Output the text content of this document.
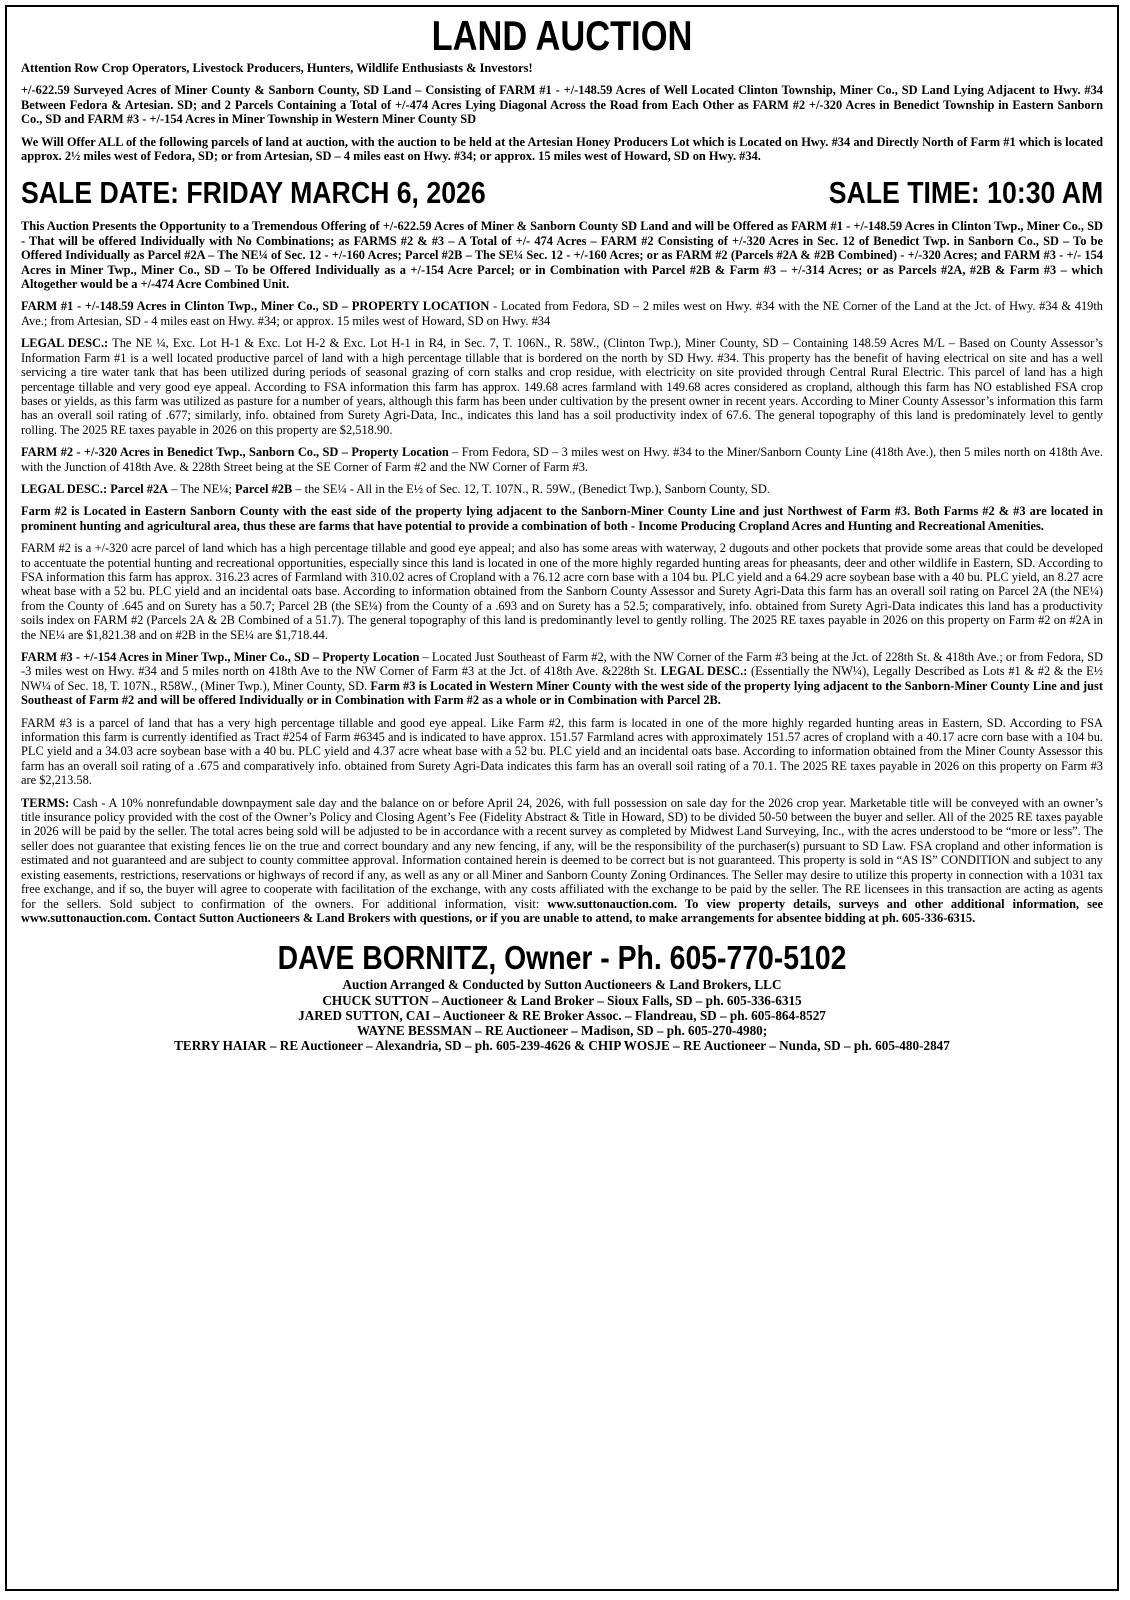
LAND AUCTION

Attention Row Crop Operators, Livestock Producers, Hunters, Wildlife Enthusiasts & Investors!

+/-622.59 Surveyed Acres of Miner County & Sanborn County, SD Land – Consisting of FARM #1 - +/-148.59 Acres of Well Located Clinton Township, Miner Co., SD Land Lying Adjacent to Hwy. #34 Between Fedora & Artesian. SD; and 2 Parcels Containing a Total of +/-474 Acres Lying Diagonal Across the Road from Each Other as FARM #2 +/-320 Acres in Benedict Township in Eastern Sanborn Co., SD and FARM #3 - +/-154 Acres in Miner Township in Western Miner County SD

We Will Offer ALL of the following parcels of land at auction, with the auction to be held at the Artesian Honey Producers Lot which is Located on Hwy. #34 and Directly North of Farm #1 which is located approx. 2½ miles west of Fedora, SD; or from Artesian, SD – 4 miles east on Hwy. #34; or approx. 15 miles west of Howard, SD on Hwy. #34.

SALE DATE: FRIDAY MARCH 6, 2026	SALE TIME: 10:30 AM

This Auction Presents the Opportunity to a Tremendous Offering of +/-622.59 Acres of Miner & Sanborn County SD Land and will be Offered as FARM #1 - +/-148.59 Acres in Clinton Twp., Miner Co., SD - That will be offered Individually with No Combinations; as FARMS #2 & #3 – A Total of +/- 474 Acres – FARM #2 Consisting of +/-320 Acres in Sec. 12 of Benedict Twp. in Sanborn Co., SD – To be Offered Individually as Parcel #2A – The NE¼ of Sec. 12 - +/-160 Acres; Parcel #2B – The SE¼ Sec. 12 - +/-160 Acres; or as FARM #2 (Parcels #2A & #2B Combined) - +/-320 Acres; and FARM #3 - +/- 154 Acres in Miner Twp., Miner Co., SD – To be Offered Individually as a +/-154 Acre Parcel; or in Combination with Parcel #2B & Farm #3 – +/-314 Acres; or as Parcels #2A, #2B & Farm #3 – which Altogether would be a +/-474 Acre Combined Unit.

FARM #1 - +/-148.59 Acres in Clinton Twp., Miner Co., SD – PROPERTY LOCATION - Located from Fedora, SD – 2 miles west on Hwy. #34 with the NE Corner of the Land at the Jct. of Hwy. #34 & 419th Ave.; from Artesian, SD - 4 miles east on Hwy. #34; or approx. 15 miles west of Howard, SD on Hwy. #34

LEGAL DESC.: The NE ¼, Exc. Lot H-1 & Exc. Lot H-2 & Exc. Lot H-1 in R4, in Sec. 7, T. 106N., R. 58W., (Clinton Twp.), Miner County, SD – Containing 148.59 Acres M/L – Based on County Assessor’s Information Farm #1 is a well located productive parcel of land with a high percentage tillable that is bordered on the north by SD Hwy. #34. This property has the benefit of having electrical on site and has a well servicing a tire water tank that has been utilized during periods of seasonal grazing of corn stalks and crop residue, with electricity on site provided through Central Rural Electric. This parcel of land has a high percentage tillable and very good eye appeal. According to FSA information this farm has approx. 149.68 acres farmland with 149.68 acres considered as cropland, although this farm has NO established FSA crop bases or yields, as this farm was utilized as pasture for a number of years, although this farm has been under cultivation by the present owner in recent years. According to Miner County Assessor’s information this farm has an overall soil rating of .677; similarly, info. obtained from Surety Agri-Data, Inc., indicates this land has a soil productivity index of 67.6. The general topography of this land is predominately level to gently rolling. The 2025 RE taxes payable in 2026 on this property are $2,518.90.

FARM #2 - +/-320 Acres in Benedict Twp., Sanborn Co., SD – Property Location – From Fedora, SD – 3 miles west on Hwy. #34 to the Miner/Sanborn County Line (418th Ave.), then 5 miles north on 418th Ave. with the Junction of 418th Ave. & 228th Street being at the SE Corner of Farm #2 and the NW Corner of Farm #3.

LEGAL DESC.: Parcel #2A – The NE¼; Parcel #2B – the SE¼ - All in the E½ of Sec. 12, T. 107N., R. 59W., (Benedict Twp.), Sanborn County, SD.

Farm #2 is Located in Eastern Sanborn County with the east side of the property lying adjacent to the Sanborn-Miner County Line and just Northwest of Farm #3. Both Farms #2 & #3 are located in prominent hunting and agricultural area, thus these are farms that have potential to provide a combination of both - Income Producing Cropland Acres and Hunting and Recreational Amenities.

FARM #2 is a +/-320 acre parcel of land which has a high percentage tillable and good eye appeal; and also has some areas with waterway, 2 dugouts and other pockets that provide some areas that could be developed to accentuate the potential hunting and recreational opportunities, especially since this land is located in one of the more highly regarded hunting areas for pheasants, deer and other wildlife in Eastern, SD. According to FSA information this farm has approx. 316.23 acres of Farmland with 310.02 acres of Cropland with a 76.12 acre corn base with a 104 bu. PLC yield and a 64.29 acre soybean base with a 40 bu. PLC yield, an 8.27 acre wheat base with a 52 bu. PLC yield and an incidental oats base. According to information obtained from the Sanborn County Assessor and Surety Agri-Data this farm has an overall soil rating on Parcel 2A (the NE¼) from the County of .645 and on Surety has a 50.7; Parcel 2B (the SE¼) from the County of a .693 and on Surety has a 52.5; comparatively, info. obtained from Surety Agri-Data indicates this land has a productivity soils index on FARM #2 (Parcels 2A & 2B Combined of a 51.7). The general topography of this land is predominantly level to gently rolling. The 2025 RE taxes payable in 2026 on this property on Farm #2 on #2A in the NE¼ are $1,821.38 and on #2B in the SE¼ are $1,718.44.

FARM #3 - +/-154 Acres in Miner Twp., Miner Co., SD – Property Location – Located Just Southeast of Farm #2, with the NW Corner of the Farm #3 being at the Jct. of 228th St. & 418th Ave.; or from Fedora, SD -3 miles west on Hwy. #34 and 5 miles north on 418th Ave to the NW Corner of Farm #3 at the Jct. of 418th Ave. &228th St. LEGAL DESC.: (Essentially the NW¼), Legally Described as Lots #1 & #2 & the E½ NW¼ of Sec. 18, T. 107N., R58W., (Miner Twp.), Miner County, SD. Farm #3 is Located in Western Miner County with the west side of the property lying adjacent to the Sanborn-Miner County Line and just Southeast of Farm #2 and will be offered Individually or in Combination with Farm #2 as a whole or in Combination with Parcel 2B.

FARM #3 is a parcel of land that has a very high percentage tillable and good eye appeal. Like Farm #2, this farm is located in one of the more highly regarded hunting areas in Eastern, SD. According to FSA information this farm is currently identified as Tract #254 of Farm #6345 and is indicated to have approx. 151.57 Farmland acres with approximately 151.57 acres of cropland with a 40.17 acre corn base with a 104 bu. PLC yield and a 34.03 acre soybean base with a 40 bu. PLC yield and 4.37 acre wheat base with a 52 bu. PLC yield and an incidental oats base. According to information obtained from the Miner County Assessor this farm has an overall soil rating of a .675 and comparatively info. obtained from Surety Agri-Data indicates this farm has an overall soil rating of a 70.1. The 2025 RE taxes payable in 2026 on this property on Farm #3 are $2,213.58.

TERMS: Cash - A 10% nonrefundable downpayment sale day and the balance on or before April 24, 2026, with full possession on sale day for the 2026 crop year. Marketable title will be conveyed with an owner’s title insurance policy provided with the cost of the Owner’s Policy and Closing Agent’s Fee (Fidelity Abstract & Title in Howard, SD) to be divided 50-50 between the buyer and seller. All of the 2025 RE taxes payable in 2026 will be paid by the seller. The total acres being sold will be adjusted to be in accordance with a recent survey as completed by Midwest Land Surveying, Inc., with the acres understood to be “more or less”. The seller does not guarantee that existing fences lie on the true and correct boundary and any new fencing, if any, will be the responsibility of the purchaser(s) pursuant to SD Law. FSA cropland and other information is estimated and not guaranteed and are subject to county committee approval. Information contained herein is deemed to be correct but is not guaranteed. This property is sold in “AS IS” CONDITION and subject to any existing easements, restrictions, reservations or highways of record if any, as well as any or all Miner and Sanborn County Zoning Ordinances. The Seller may desire to utilize this property in connection with a 1031 tax free exchange, and if so, the buyer will agree to cooperate with facilitation of the exchange, with any costs affiliated with the exchange to be paid by the seller. The RE licensees in this transaction are acting as agents for the sellers. Sold subject to confirmation of the owners. For additional information, visit: www.suttonauction.com. To view property details, surveys and other additional information, see www.suttonauction.com. Contact Sutton Auctioneers & Land Brokers with questions, or if you are unable to attend, to make arrangements for absentee bidding at ph. 605-336-6315.

DAVE BORNITZ, Owner - Ph. 605-770-5102
Auction Arranged & Conducted by Sutton Auctioneers & Land Brokers, LLC
CHUCK SUTTON – Auctioneer & Land Broker – Sioux Falls, SD – ph. 605-336-6315
JARED SUTTON, CAI – Auctioneer & RE Broker Assoc. – Flandreau, SD – ph. 605-864-8527
WAYNE BESSMAN – RE Auctioneer – Madison, SD – ph. 605-270-4980;
TERRY HAIAR – RE Auctioneer – Alexandria, SD – ph. 605-239-4626 & CHIP WOSJE – RE Auctioneer – Nunda, SD – ph. 605-480-2847
